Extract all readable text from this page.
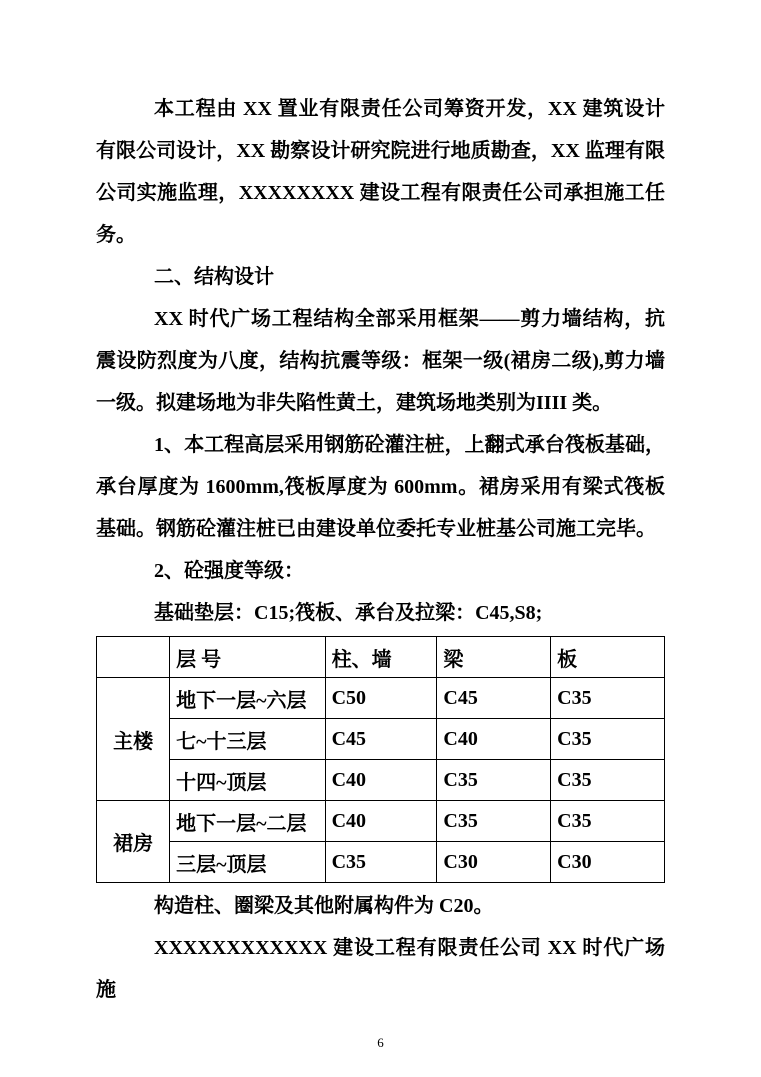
本工程由 XX 置业有限责任公司筹资开发，XX 建筑设计有限公司设计，XX 勘察设计研究院进行地质勘查，XX 监理有限公司实施监理，XXXXXXXX 建设工程有限责任公司承担施工任务。

二、结构设计

XX 时代广场工程结构全部采用框架——剪力墙结构，抗震设防烈度为八度，结构抗震等级：框架一级(裙房二级),剪力墙一级。拟建场地为非失陷性黄土，建筑场地类别为IIII 类。

1、本工程高层采用钢筋砼灌注桩，上翻式承台筏板基础，承台厚度为 1600mm,筏板厚度为 600mm。裙房采用有梁式筏板基础。钢筋砼灌注桩已由建设单位委托专业桩基公司施工完毕。

2、砼强度等级：

基础垫层：C15;筏板、承台及拉梁：C45,S8;

	层 号	柱、墙	梁	板
主楼	地下一层~六层	C50	C45	C35
	七~十三层	C45	C40	C35
	十四~顶层	C40	C35	C35
裙房	地下一层~二层	C40	C35	C35
	三层~顶层	C35	C30	C30

构造柱、圈梁及其他附属构件为 C20。

XXXXXXXXXXXX 建设工程有限责任公司 XX 时代广场施

6
